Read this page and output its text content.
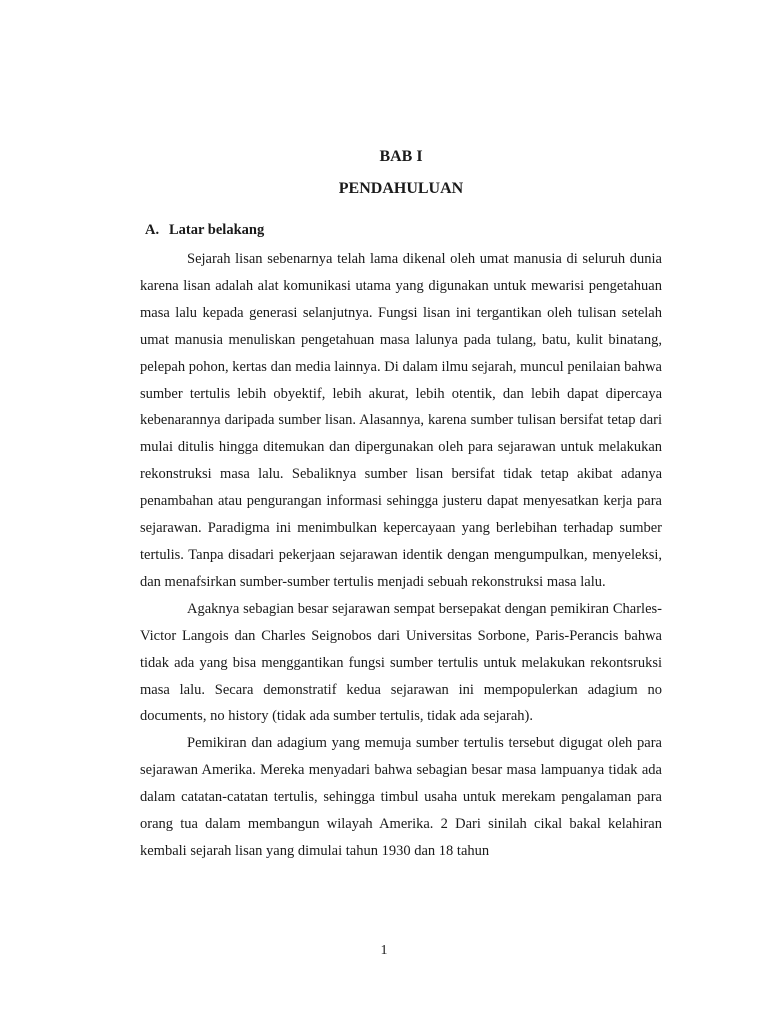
BAB I
PENDAHULUAN
A. Latar belakang

Sejarah lisan sebenarnya telah lama dikenal oleh umat manusia di seluruh dunia karena lisan adalah alat komunikasi utama yang digunakan untuk mewarisi pengetahuan masa lalu kepada generasi selanjutnya. Fungsi lisan ini tergantikan oleh tulisan setelah umat manusia menuliskan pengetahuan masa lalunya pada tulang, batu, kulit binatang, pelepah pohon, kertas dan media lainnya. Di dalam ilmu sejarah, muncul penilaian bahwa sumber tertulis lebih obyektif, lebih akurat, lebih otentik, dan lebih dapat dipercaya kebenarannya daripada sumber lisan. Alasannya, karena sumber tulisan bersifat tetap dari mulai ditulis hingga ditemukan dan dipergunakan oleh para sejarawan untuk melakukan rekonstruksi masa lalu. Sebaliknya sumber lisan bersifat tidak tetap akibat adanya penambahan atau pengurangan informasi sehingga justeru dapat menyesatkan kerja para sejarawan. Paradigma ini menimbulkan kepercayaan yang berlebihan terhadap sumber tertulis. Tanpa disadari pekerjaan sejarawan identik dengan mengumpulkan, menyeleksi, dan menafsirkan sumber-sumber tertulis menjadi sebuah rekonstruksi masa lalu.

Agaknya sebagian besar sejarawan sempat bersepakat dengan pemikiran Charles-Victor Langois dan Charles Seignobos dari Universitas Sorbone, Paris-Perancis bahwa tidak ada yang bisa menggantikan fungsi sumber tertulis untuk melakukan rekontsruksi masa lalu. Secara demonstratif kedua sejarawan ini mempopulerkan adagium no documents, no history (tidak ada sumber tertulis, tidak ada sejarah).

Pemikiran dan adagium yang memuja sumber tertulis tersebut digugat oleh para sejarawan Amerika. Mereka menyadari bahwa sebagian besar masa lampuanya tidak ada dalam catatan-catatan tertulis, sehingga timbul usaha untuk merekam pengalaman para orang tua dalam membangun wilayah Amerika. 2 Dari sinilah cikal bakal kelahiran kembali sejarah lisan yang dimulai tahun 1930 dan 18 tahun

1
